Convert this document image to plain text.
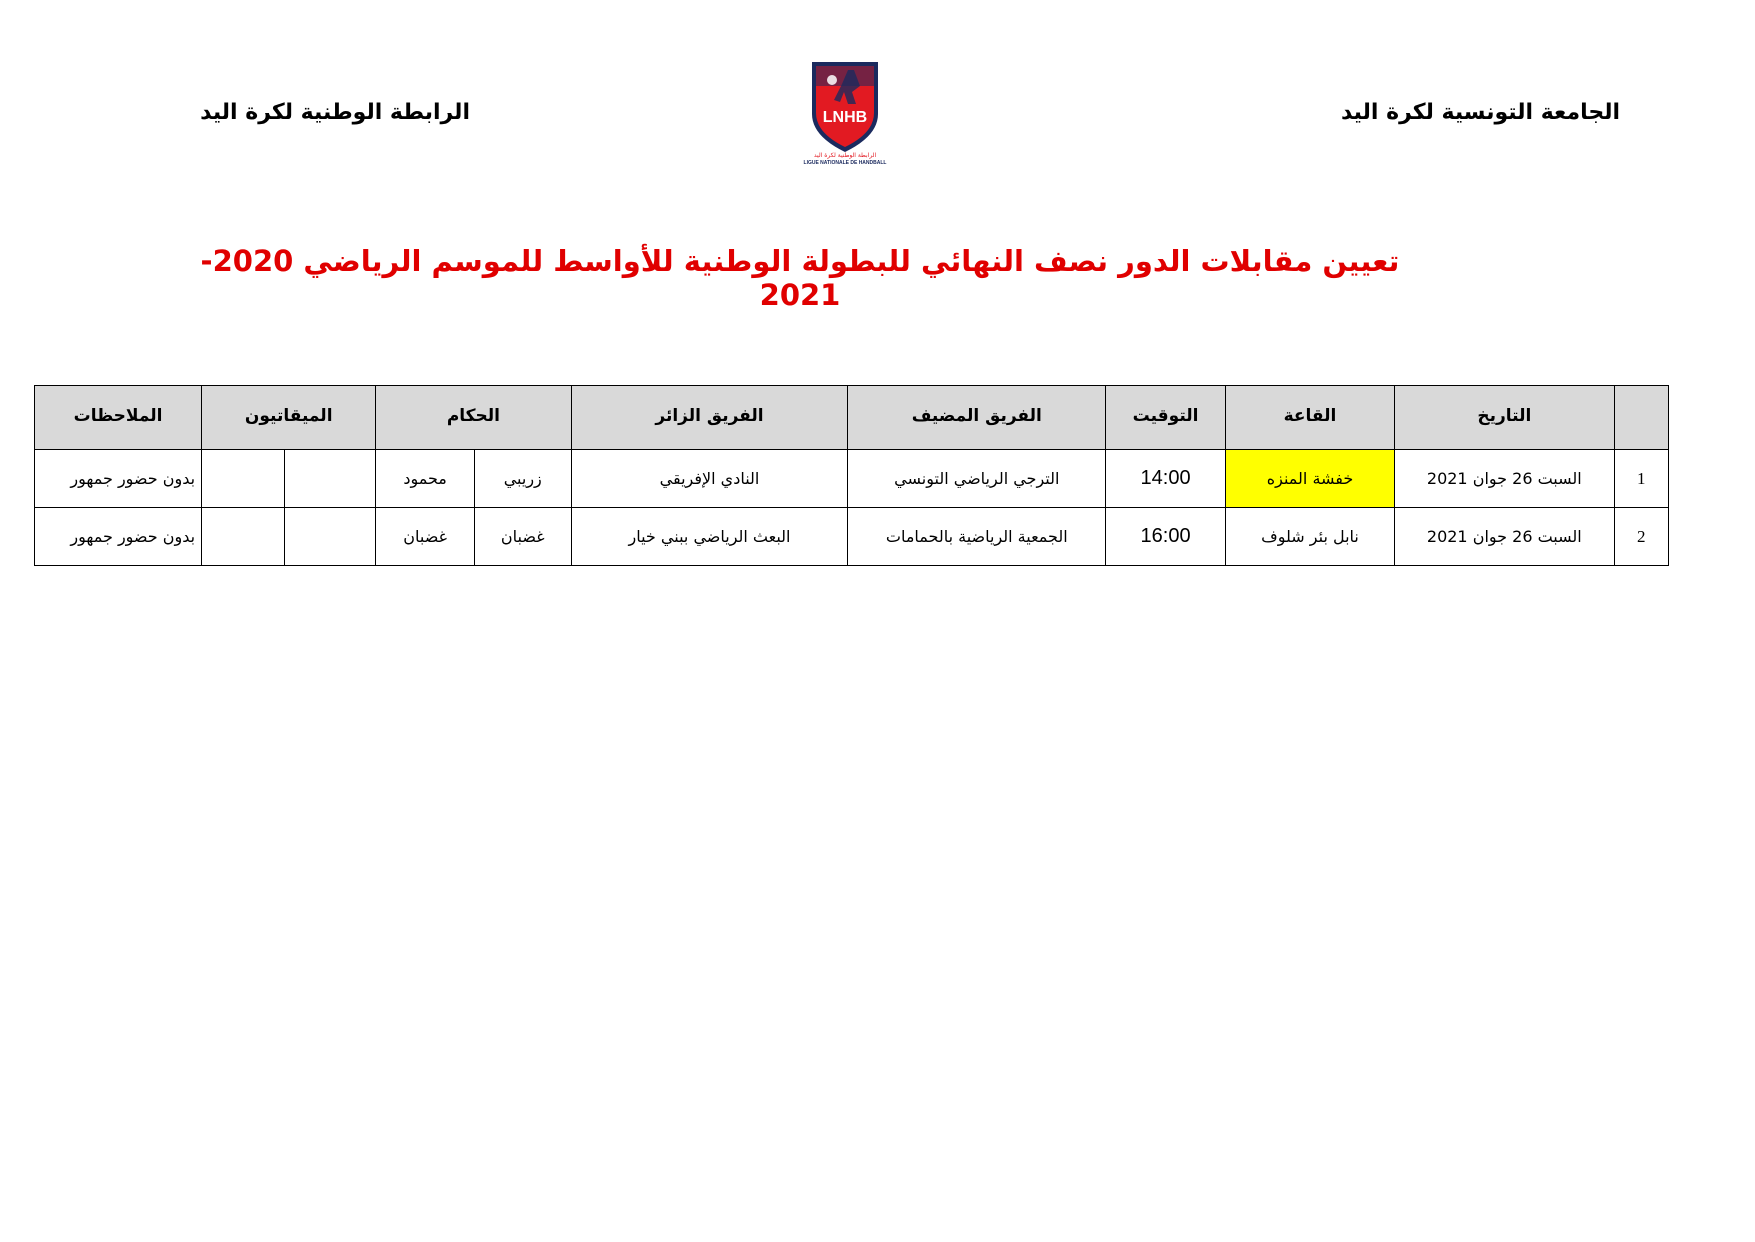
الجامعة التونسية لكرة اليد
LNHB
الرابطة الوطنية لكرة اليد
LIGUE NATIONALE DE HANDBALL
الرابطة الوطنية لكرة اليد
تعيين مقابلات الدور نصف النهائي للبطولة الوطنية للأواسط للموسم الرياضي 2020-2021
الملاحظات	الميقاتيون		الحكام		الفريق الزائر	الفريق المضيف	التوقيت	القاعة	التاريخ	
بدون حضور جمهور			محمود	زريبي	النادي الإفريقي	الترجي الرياضي التونسي	14:00	خفشة المنزه	السبت 26 جوان 2021	1
بدون حضور جمهور			غضبان	غضبان	البعث الرياضي ببني خيار	الجمعية الرياضية بالحمامات	16:00	نابل بئر شلوف	السبت 26 جوان 2021	2
